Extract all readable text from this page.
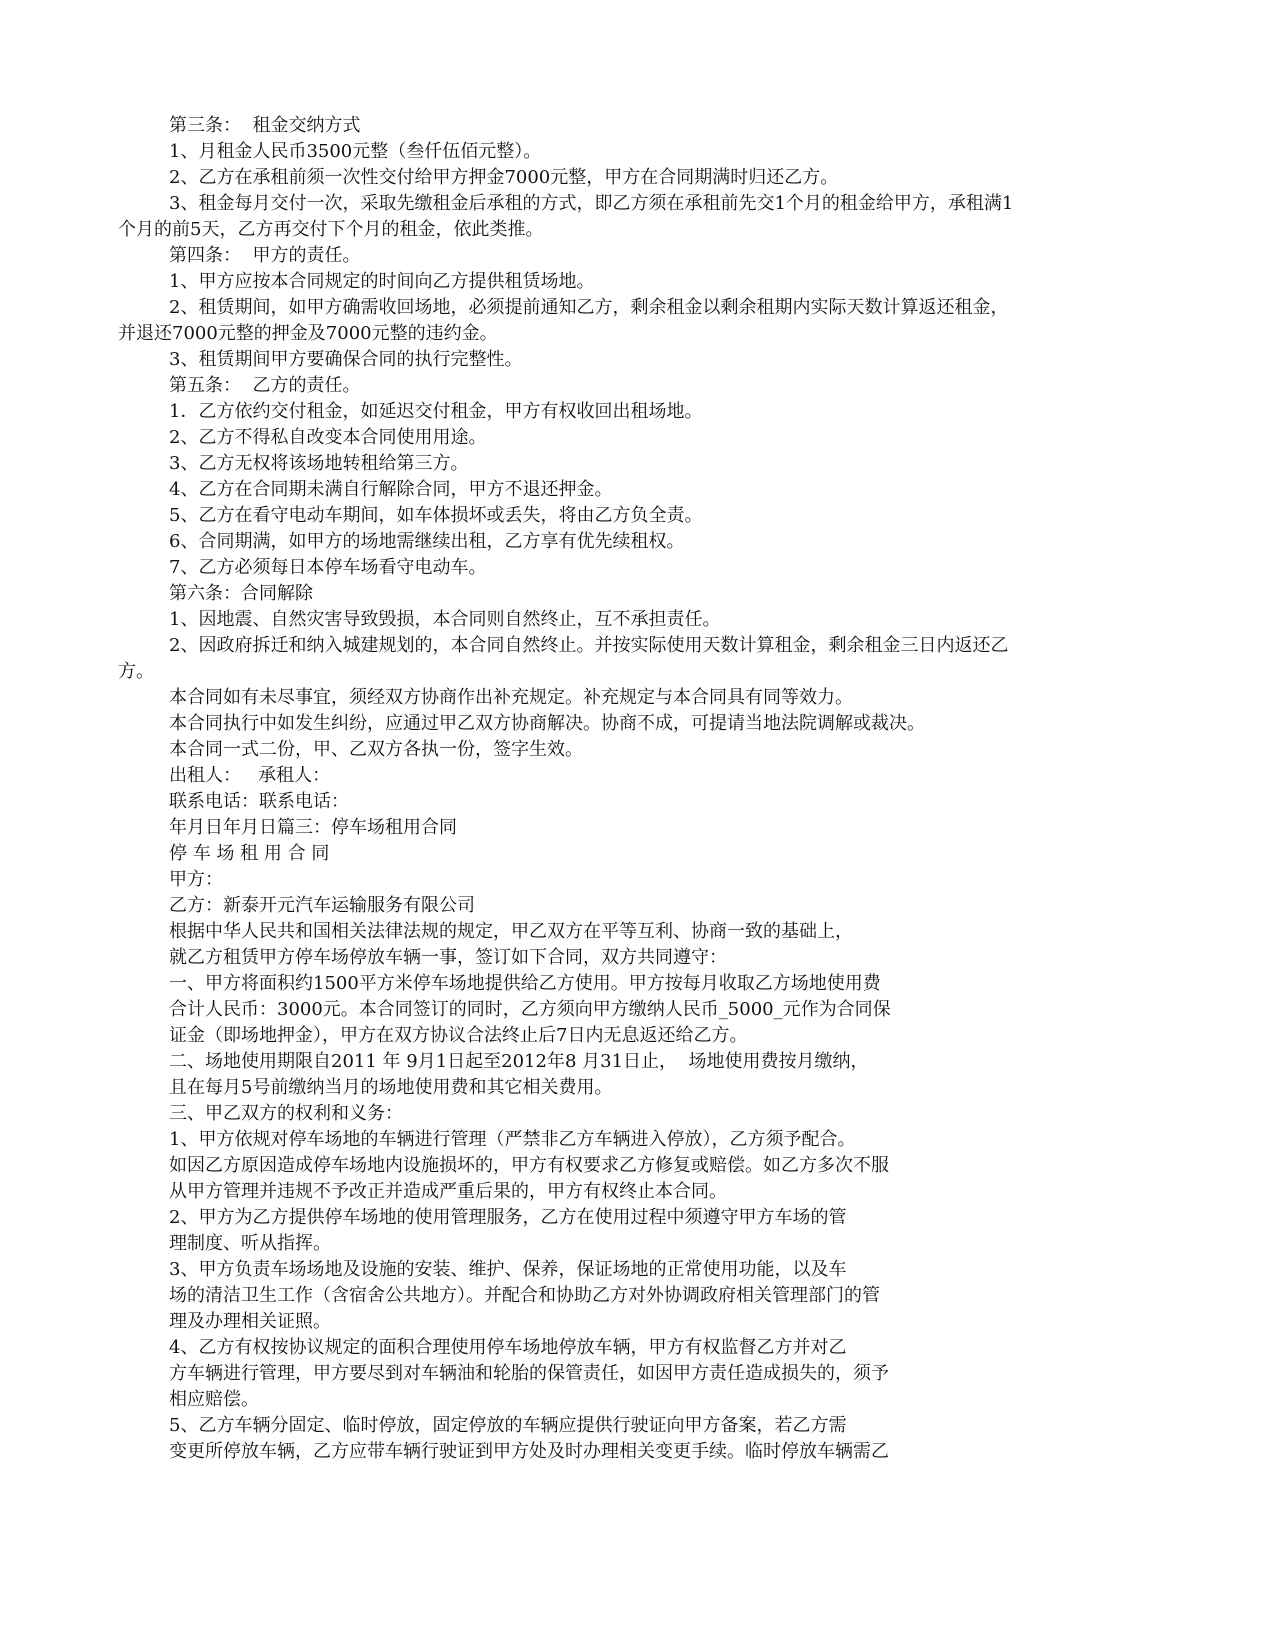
第三条：  租金交纳方式
1、月租金人民币3500元整（叁仟伍佰元整）。
2、乙方在承租前须一次性交付给甲方押金7000元整，甲方在合同期满时归还乙方。
3、租金每月交付一次，采取先缴租金后承租的方式，即乙方须在承租前先交1个月的租金给甲方，承租满1
个月的前5天，乙方再交付下个月的租金，依此类推。
第四条：  甲方的责任。
1、甲方应按本合同规定的时间向乙方提供租赁场地。
2、租赁期间，如甲方确需收回场地，必须提前通知乙方，剩余租金以剩余租期内实际天数计算返还租金，
并退还7000元整的押金及7000元整的违约金。
3、租赁期间甲方要确保合同的执行完整性。
第五条：  乙方的责任。
1．乙方依约交付租金，如延迟交付租金，甲方有权收回出租场地。
2、乙方不得私自改变本合同使用用途。
3、乙方无权将该场地转租给第三方。
4、乙方在合同期未满自行解除合同，甲方不退还押金。
5、乙方在看守电动车期间，如车体损坏或丢失，将由乙方负全责。
6、合同期满，如甲方的场地需继续出租，乙方享有优先续租权。
7、乙方必须每日本停车场看守电动车。
第六条：合同解除
1、因地震、自然灾害导致毁损，本合同则自然终止，互不承担责任。
2、因政府拆迁和纳入城建规划的，本合同自然终止。并按实际使用天数计算租金，剩余租金三日内返还乙
方。
本合同如有未尽事宜，须经双方协商作出补充规定。补充规定与本合同具有同等效力。
本合同执行中如发生纠纷，应通过甲乙双方协商解决。协商不成，可提请当地法院调解或裁决。
本合同一式二份，甲、乙双方各执一份，签字生效。
出租人：   承租人：
联系电话：联系电话：
年月日年月日篇三：停车场租用合同
停 车 场 租 用 合 同
甲方：
乙方：新泰开元汽车运输服务有限公司
根据中华人民共和国相关法律法规的规定，甲乙双方在平等互利、协商一致的基础上，
就乙方租赁甲方停车场停放车辆一事，签订如下合同，双方共同遵守：
一、甲方将面积约1500平方米停车场地提供给乙方使用。甲方按每月收取乙方场地使用费
合计人民币：3000元。本合同签订的同时，乙方须向甲方缴纳人民币_5000_元作为合同保
证金（即场地押金），甲方在双方协议合法终止后7日内无息返还给乙方。
二、场地使用期限自2011 年 9月1日起至2012年8 月31日止，  场地使用费按月缴纳，
且在每月5号前缴纳当月的场地使用费和其它相关费用。
三、甲乙双方的权利和义务：
1、甲方依规对停车场地的车辆进行管理（严禁非乙方车辆进入停放），乙方须予配合。
如因乙方原因造成停车场地内设施损坏的，甲方有权要求乙方修复或赔偿。如乙方多次不服
从甲方管理并违规不予改正并造成严重后果的，甲方有权终止本合同。
2、甲方为乙方提供停车场地的使用管理服务，乙方在使用过程中须遵守甲方车场的管
理制度、听从指挥。
3、甲方负责车场场地及设施的安装、维护、保养，保证场地的正常使用功能，以及车
场的清洁卫生工作（含宿舍公共地方）。并配合和协助乙方对外协调政府相关管理部门的管
理及办理相关证照。
4、乙方有权按协议规定的面积合理使用停车场地停放车辆，甲方有权监督乙方并对乙
方车辆进行管理，甲方要尽到对车辆油和轮胎的保管责任，如因甲方责任造成损失的，须予
相应赔偿。
5、乙方车辆分固定、临时停放，固定停放的车辆应提供行驶证向甲方备案，若乙方需
变更所停放车辆，乙方应带车辆行驶证到甲方处及时办理相关变更手续。临时停放车辆需乙
